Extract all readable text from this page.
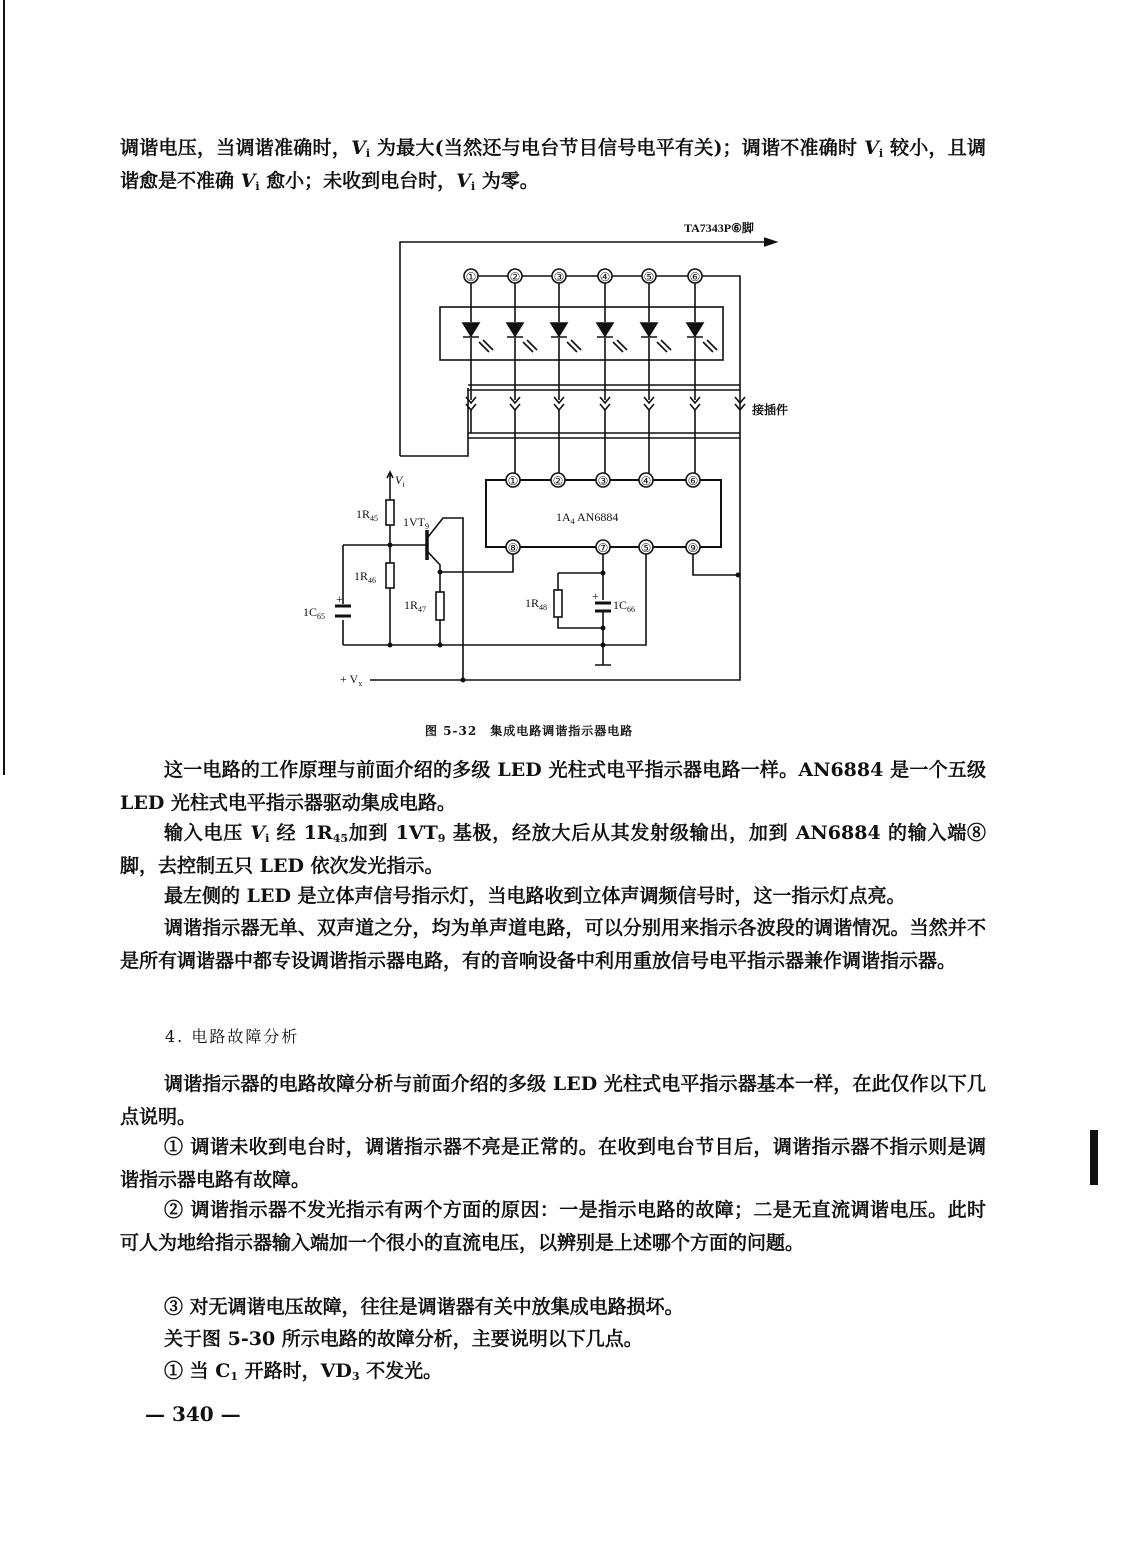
调谐电压，当调谐准确时，$V_i$ 为最大(当然还与电台节目信号电平有关)；调谐不准确时 $V_i$ 较小，且调谐愈是不准确 $V_i$ 愈小；未收到电台时，$V_i$ 为零。
这一电路的工作原理与前面介绍的多级 LED 光柱式电平指示器电路一样。AN6884 是一个五级 LED 光柱式电平指示器驱动集成电路。
输入电压 $V_i$ 经 $1R_{45}$加到 $1VT_9$ 基极，经放大后从其发射级输出，加到 AN6884 的输入端⑧脚，去控制五只 LED 依次发光指示。
最左侧的 LED 是立体声信号指示灯，当电路收到立体声调频信号时，这一指示灯点亮。
调谐指示器无单、双声道之分，均为单声道电路，可以分别用来指示各波段的调谐情况。当然并不是所有调谐器中都专设调谐指示器电路，有的音响设备中利用重放信号电平指示器兼作调谐指示器。
调谐指示器的电路故障分析与前面介绍的多级 LED 光柱式电平指示器基本一样，在此仅作以下几点说明。
① 调谐未收到电台时，调谐指示器不亮是正常的。在收到电台节目后，调谐指示器不指示则是调谐指示器电路有故障。
② 调谐指示器不发光指示有两个方面的原因：一是指示电路的故障；二是无直流调谐电压。此时可人为地给指示器输入端加一个很小的直流电压，以辨别是上述哪个方面的问题。
③ 对无调谐电压故障，往往是调谐器有关中放集成电路损坏。
关于图 5-30 所示电路的故障分析，主要说明以下几点。
① 当 $C_1$ 开路时，$VD_3$ 不发光。
4. 电路故障分析
图 5-32　集成电路调谐指示器电路
— 340 —
TA7343P⑥脚
①	②	③	④	⑤	⑥
接插件
①	②	③	④	⑥
⑧	⑦	⑤	⑨
$1A_4$ AN6884
+	+
$V_i$
$1R_{45}$ $1VT_9$
$1R_{46}$
$1C_{65}$
$1R_{47}$	$1R_{48}$	$1C_{66}$
+ $V_x$
